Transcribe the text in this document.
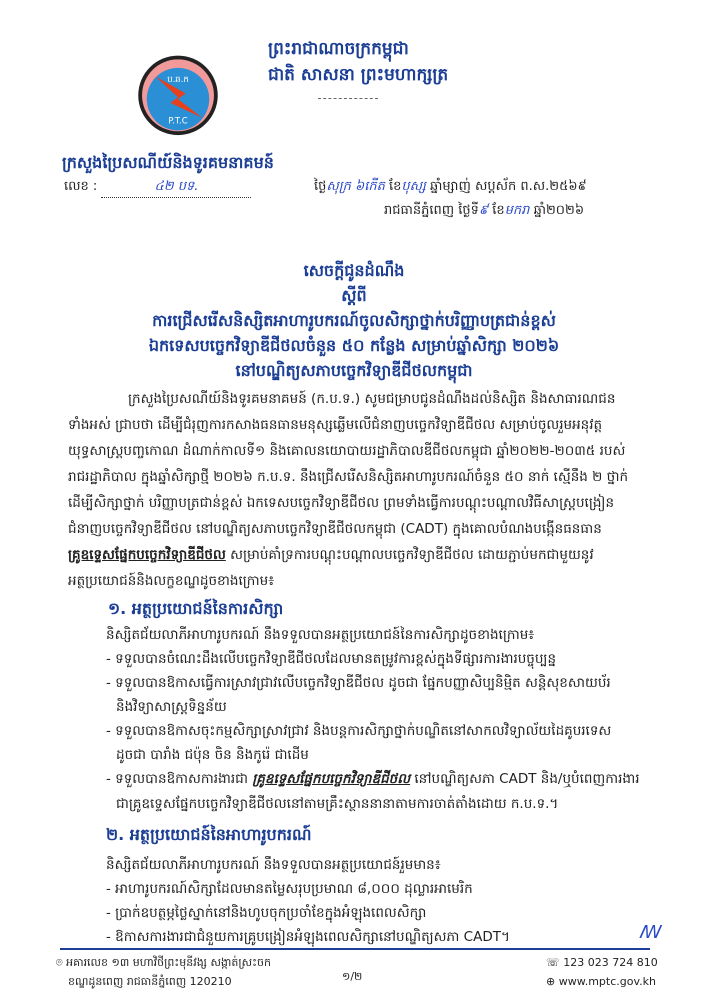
ព្រះរាជាណាចក្រកម្ពុជា
ជាតិ សាសនា ព្រះមហាក្សត្រ
ប.ឆ.ក
P.T.C
ក្រសួងប្រៃសណីយ៍និងទូរគមនាគមន៍
លេខ :	៤២ បទ.	ថ្ងៃសុក្រ ៦កើត ខែបុស្ស ឆ្នាំម្សាញ់ សប្តស័ក ព.ស.២៥៦៩
រាជធានីភ្នំពេញ ថ្ងៃទី៩ ខែមករា ឆ្នាំ២០២៦
សេចក្តីជូនដំណឹង
ស្តីពី
ការជ្រើសរើសនិស្សិតអាហារូបករណ៍ចូលសិក្សាថ្នាក់បរិញ្ញាបត្រជាន់ខ្ពស់
ឯកទេសបច្ចេកវិទ្យាឌីជីថលចំនួន ៥០ កន្លែង សម្រាប់ឆ្នាំសិក្សា ២០២៦
នៅបណ្ឌិត្យសភាបច្ចេកវិទ្យាឌីជីថលកម្ពុជា
ក្រសួងប្រៃសណីយ៍និងទូរគមនាគមន៍ (ក.ប.ទ.) សូមជម្រាបជូនដំណឹងដល់និស្សិត និងសាធារណជន
ទាំងអស់ ជ្រាបថា ដើម្បីជំរុញការកសាងធនធានមនុស្សឆ្លើមលើជំនាញបច្ចេកវិទ្យាឌីជីថល សម្រាប់ចូលរួមអនុវត្ត
យុទ្ធសាស្ត្របញ្ចកោណ ដំណាក់កាលទី១ និងគោលនយោបាយរដ្ឋាភិបាលឌីជីថលកម្ពុជា ឆ្នាំ២០២២-២០៣៥ របស់
រាជរដ្ឋាភិបាល ក្នុងឆ្នាំសិក្សាថ្មី ២០២៦ ក.ប.ទ. នឹងជ្រើសរើសនិស្សិតអាហារូបករណ៍ចំនួន ៥០ នាក់ ស្មើនឹង ២ ថ្នាក់
ដើម្បីសិក្សាថ្នាក់ បរិញ្ញាបត្រជាន់ខ្ពស់ ឯកទេសបច្ចេកវិទ្យាឌីជីថល ព្រមទាំងធ្វើការបណ្តុះបណ្តាលវិធីសាស្ត្របង្រៀន
ជំនាញបច្ចេកវិទ្យាឌីជីថល នៅបណ្ឌិត្យសភាបច្ចេកវិទ្យាឌីជីថលកម្ពុជា (CADT) ក្នុងគោលបំណងបង្កើនធនធាន
គ្រូឧទ្ទេសផ្នែកបច្ចេកវិទ្យាឌីជីថល សម្រាប់គាំទ្រការបណ្តុះបណ្តាលបច្ចេកវិទ្យាឌីជីថល ដោយភ្ជាប់មកជាមួយនូវ
អត្ថប្រយោជន៍និងលក្ខខណ្ឌដូចខាងក្រោម៖
១. អត្ថប្រយោជន៍នៃការសិក្សា
និស្សិតជ័យលាភីអាហារូបករណ៍ នឹងទទួលបានអត្ថប្រយោជន៍នៃការសិក្សាដូចខាងក្រោម៖
- ទទួលបានចំណេះដឹងលើបច្ចេកវិទ្យាឌីជីថលដែលមានតម្រូវការខ្ពស់ក្នុងទីផ្សារការងារបច្ចុប្បន្ន
- ទទួលបានឱកាសធ្វើការស្រាវជ្រាវលើបច្ចេកវិទ្យាឌីជីថល ដូចជា ផ្នែកបញ្ញាសិប្បនិម្មិត សន្តិសុខសាយប័រ
និងវិទ្យាសាស្ត្រទិន្នន័យ
- ទទួលបានឱកាសចុះកម្មសិក្សាស្រាវជ្រាវ និងបន្តការសិក្សាថ្នាក់បណ្ឌិតនៅសាកលវិទ្យាល័យដៃគូបរទេស
ដូចជា បារាំង ជប៉ុន ចិន និងកូរ៉េ ជាដើម
- ទទួលបានឱកាសការងារជា គ្រូឧទ្ទេសផ្នែកបច្ចេកវិទ្យាឌីជីថល នៅបណ្ឌិត្យសភា CADT និង/ឬបំពេញការងារ
ជាគ្រូឧទ្ទេសផ្នែកបច្ចេកវិទ្យាឌីជីថលនៅតាមគ្រឹះស្ថាននានាតាមការចាត់តាំងដោយ ក.ប.ទ.។
២. អត្ថប្រយោជន៍នៃអាហារូបករណ៍
និស្សិតជ័យលាភីអាហារូបករណ៍ នឹងទទួលបានអត្ថប្រយោជន៍រួមមាន៖
- អាហារូបករណ៍សិក្សាដែលមានតម្លៃសរុបប្រមាណ ៨,០០០ ដុល្លារអាមេរិក
- ប្រាក់ឧបត្ថម្ភថ្លៃស្នាក់នៅនិងហូបចុកប្រចាំខែក្នុងអំឡុងពេលសិក្សា
- ឱកាសការងារជាជំនួយការគ្រូបង្រៀនអំឡុងពេលសិក្សានៅបណ្ឌិត្យសភា CADT។	ꟿ
⌾ អគារលេខ ១៣ មហាវិថីព្រះមុនីវង្ស សង្កាត់ស្រះចក
ខណ្ឌដូនពេញ រាជធានីភ្នំពេញ 120210	១/២
☏ 123 023 724 810
⊕ www.mptc.gov.kh
